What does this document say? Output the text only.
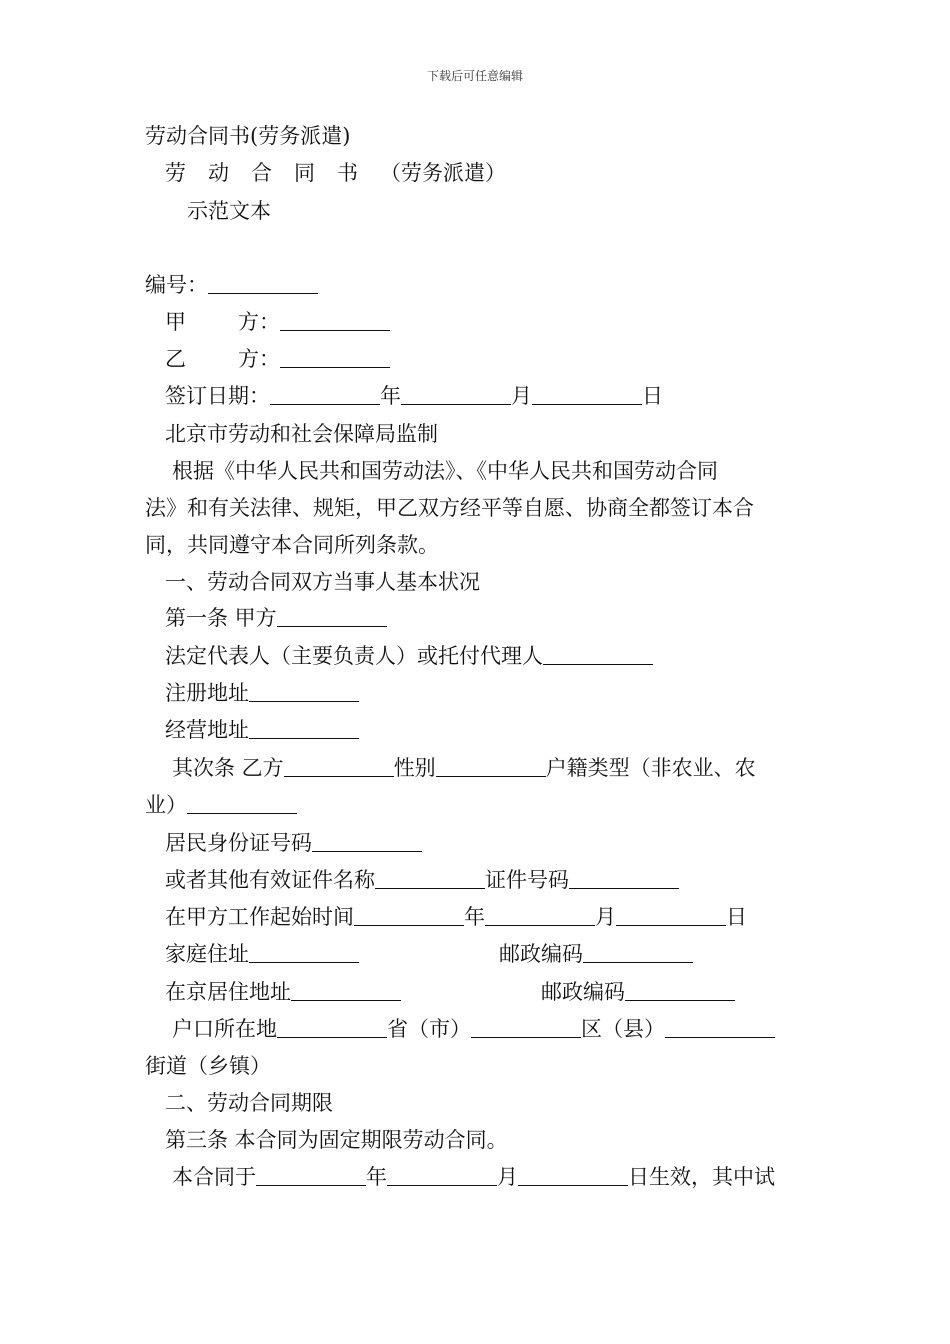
下载后可任意编辑
劳动合同书(劳务派遣)
劳 动 合 同 书 （劳务派遣）
示范文本
编号：
甲 方：
乙 方：
签订日期：	年	月	日
北京市劳动和社会保障局监制
根据《中华人民共和国劳动法》、《中华人民共和国劳动合同
法》和有关法律、规矩，甲乙双方经平等自愿、协商全都签订本合
同，共同遵守本合同所列条款。
一、劳动合同双方当事人基本状况
第一条 甲方
法定代表人（主要负责人）或托付代理人
注册地址
经营地址
其次条 乙方	性别	户籍类型（非农业、农
业）
居民身份证号码
或者其他有效证件名称	证件号码
在甲方工作起始时间	年	月	日
家庭住址	邮政编码
在京居住地址	邮政编码
户口所在地	省（市）	区（县）
街道（乡镇）
二、劳动合同期限
第三条 本合同为固定期限劳动合同。
本合同于	年	月	日生效，其中试
